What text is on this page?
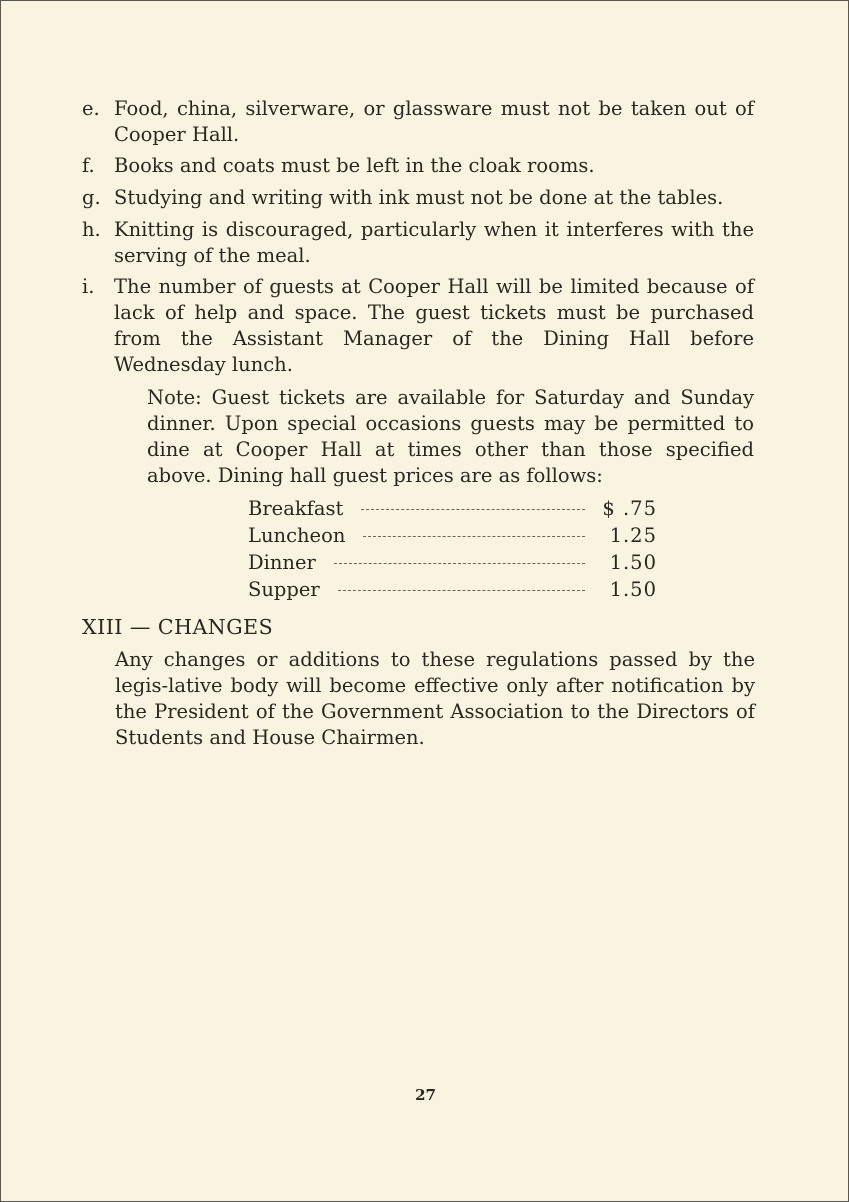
e. Food, china, silverware, or glassware must not be taken out of Cooper Hall.
f. Books and coats must be left in the cloak rooms.
g. Studying and writing with ink must not be done at the tables.
h. Knitting is discouraged, particularly when it interferes with the serving of the meal.
i. The number of guests at Cooper Hall will be limited because of lack of help and space. The guest tickets must be purchased from the Assistant Manager of the Dining Hall before Wednesday lunch.
Note: Guest tickets are available for Saturday and Sunday dinner. Upon special occasions guests may be permitted to dine at Cooper Hall at times other than those specified above. Dining hall guest prices are as follows:
Breakfast	$ .75
Luncheon	1.25
Dinner	1.50
Supper	1.50
XIII — CHANGES
Any changes or additions to these regulations passed by the legis-lative body will become effective only after notification by the President of the Government Association to the Directors of Students and House Chairmen.
27
